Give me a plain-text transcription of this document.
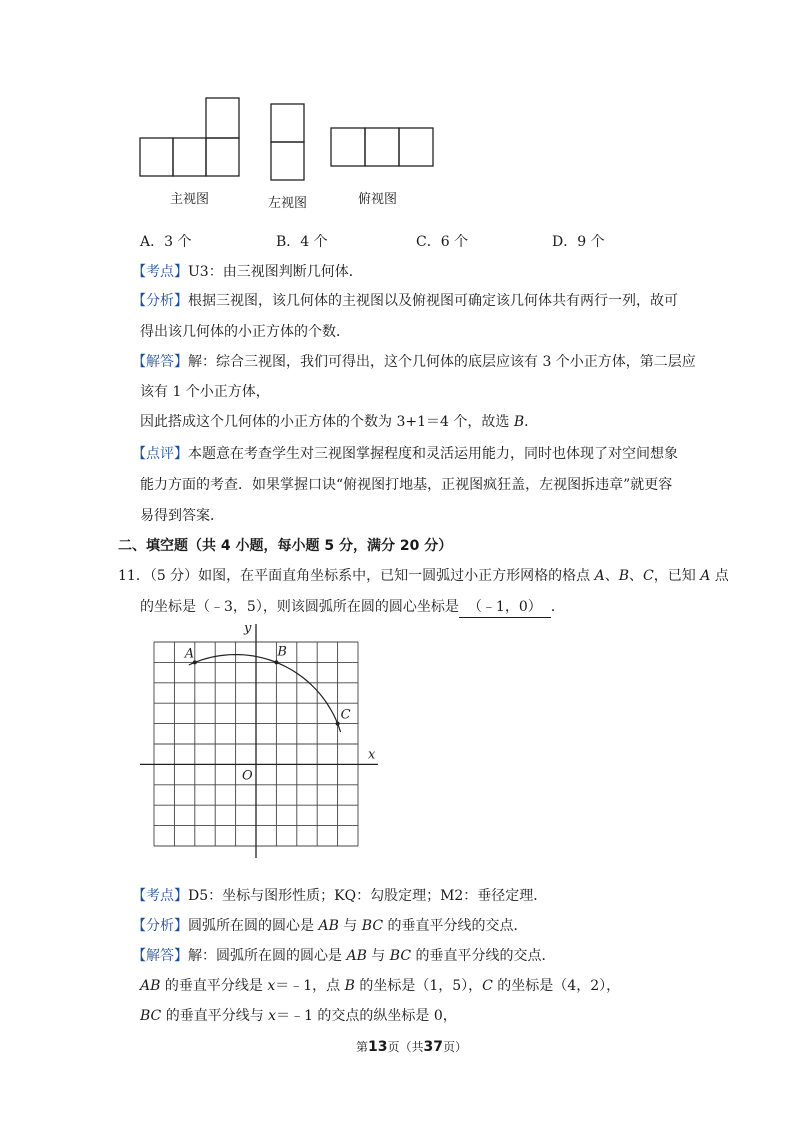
主视图	左视图	俯视图
A．3 个	B．4 个	C．6 个	D．9 个
【考点】U3：由三视图判断几何体．
【分析】根据三视图，该几何体的主视图以及俯视图可确定该几何体共有两行一列，故可
得出该几何体的小正方体的个数．
【解答】解：综合三视图，我们可得出，这个几何体的底层应该有 3 个小正方体，第二层应
该有 1 个小正方体，
因此搭成这个几何体的小正方体的个数为 3+1＝4 个，故选 B．
【点评】本题意在考查学生对三视图掌握程度和灵活运用能力，同时也体现了对空间想象
能力方面的考查．如果掌握口诀“俯视图打地基，正视图疯狂盖，左视图拆违章”就更容
易得到答案．
二、填空题（共 4 小题，每小题 5 分，满分 20 分）
11．（5 分）如图，在平面直角坐标系中，已知一圆弧过小正方形网格的格点 A、B、C，已知 A 点
的坐标是（﹣3，5），则该圆弧所在圆的圆心坐标是 （﹣1，0） ．
A	B
C
O
x
y
【考点】D5：坐标与图形性质；KQ：勾股定理；M2：垂径定理．
【分析】圆弧所在圆的圆心是 AB 与 BC 的垂直平分线的交点．
【解答】解：圆弧所在圆的圆心是 AB 与 BC 的垂直平分线的交点．
AB 的垂直平分线是 x＝﹣1，点 B 的坐标是（1，5），C 的坐标是（4，2），
BC 的垂直平分线与 x＝﹣1 的交点的纵坐标是 0，
第13页（共37页）
